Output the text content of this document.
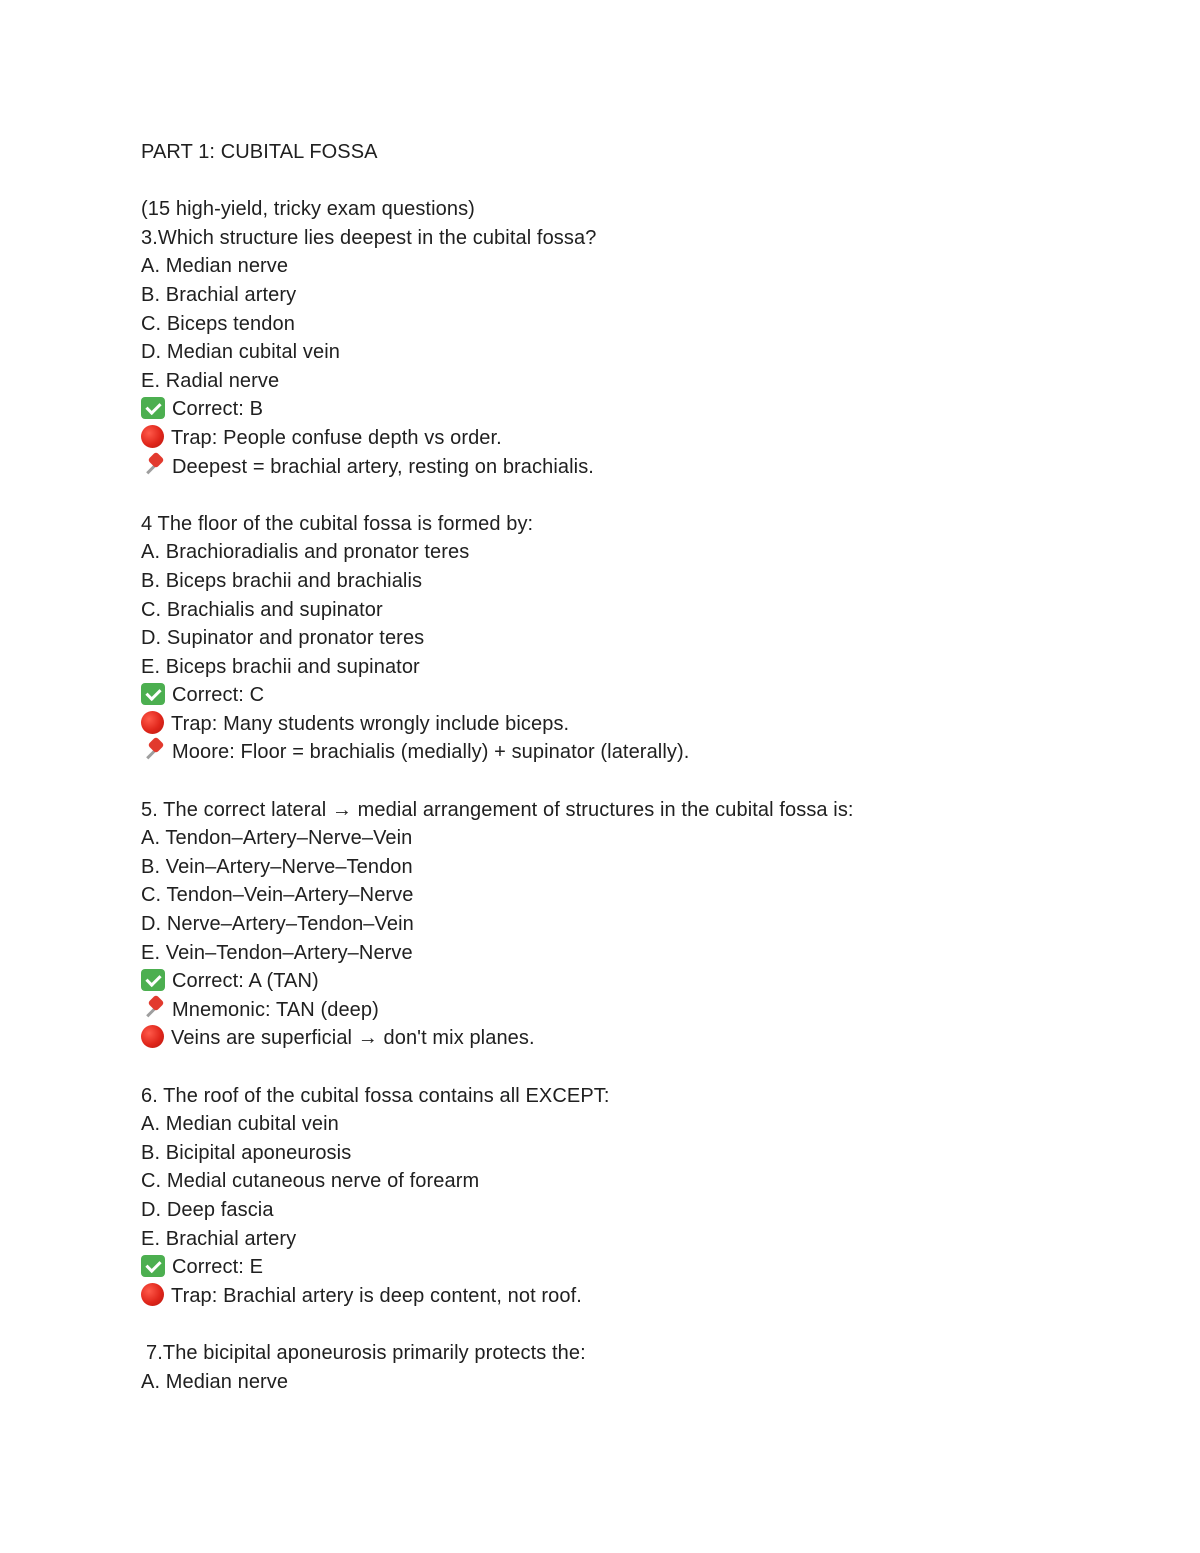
PART 1: CUBITAL FOSSA
(15 high-yield, tricky exam questions)
3.Which structure lies deepest in the cubital fossa?
A. Median nerve
B. Brachial artery
C. Biceps tendon
D. Median cubital vein
E. Radial nerve
Correct: B
Trap: People confuse depth vs order.
Deepest = brachial artery, resting on brachialis.
4 The floor of the cubital fossa is formed by:
A. Brachioradialis and pronator teres
B. Biceps brachii and brachialis
C. Brachialis and supinator
D. Supinator and pronator teres
E. Biceps brachii and supinator
Correct: C
Trap: Many students wrongly include biceps.
Moore: Floor = brachialis (medially) + supinator (laterally).
5. The correct lateral → medial arrangement of structures in the cubital fossa is:
A. Tendon–Artery–Nerve–Vein
B. Vein–Artery–Nerve–Tendon
C. Tendon–Vein–Artery–Nerve
D. Nerve–Artery–Tendon–Vein
E. Vein–Tendon–Artery–Nerve
Correct: A (TAN)
Mnemonic: TAN (deep)
Veins are superficial → don't mix planes.
6. The roof of the cubital fossa contains all EXCEPT:
A. Median cubital vein
B. Bicipital aponeurosis
C. Medial cutaneous nerve of forearm
D. Deep fascia
E. Brachial artery
Correct: E
Trap: Brachial artery is deep content, not roof.
7.The bicipital aponeurosis primarily protects the:
A. Median nerve
